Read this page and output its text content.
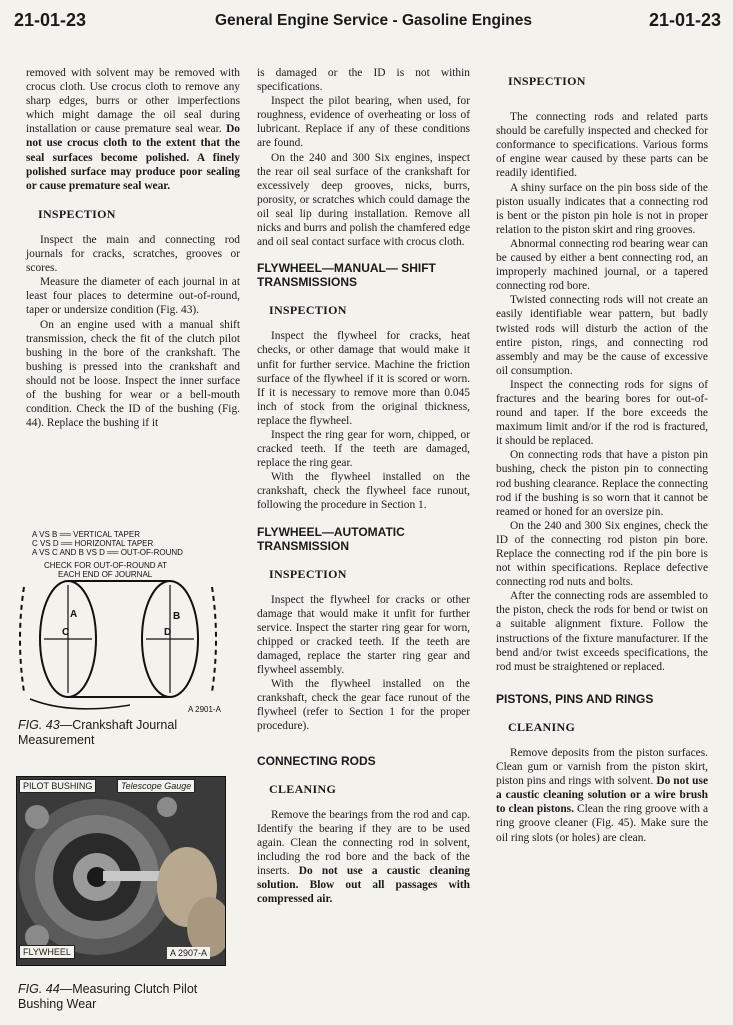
21-01-23	General Engine Service - Gasoline Engines	21-01-23

removed with solvent may be removed with crocus cloth. Use crocus cloth to remove any sharp edges, burrs or other imperfections which might damage the oil seal during installation or cause premature seal wear. Do not use crocus cloth to the extent that the seal surfaces become polished. A finely polished surface may produce poor sealing or cause premature seal wear.

INSPECTION

Inspect the main and connecting rod journals for cracks, scratches, grooves or scores.

Measure the diameter of each journal in at least four places to determine out-of-round, taper or undersize condition (Fig. 43).

On an engine used with a manual shift transmission, check the fit of the clutch pilot bushing in the bore of the crankshaft. The bushing is pressed into the crankshaft and should not be loose. Inspect the inner surface of the bushing for wear or a bell-mouth condition. Check the ID of the bushing (Fig. 44). Replace the bushing if it

A VS B ══ VERTICAL TAPER
C VS D ══ HORIZONTAL TAPER
A VS C AND B VS D ══ OUT-OF-ROUND
CHECK FOR OUT-OF-ROUND AT
EACH END OF JOURNAL
A	B
C	D
A 2901-A
FIG. 43—Crankshaft Journal
Measurement
PILOT BUSHING	Telescope Gauge
FLYWHEEL	A 2907-A
FIG. 44—Measuring Clutch Pilot
Bushing Wear

is damaged or the ID is not within specifications.

Inspect the pilot bearing, when used, for roughness, evidence of overheating or loss of lubricant. Replace if any of these conditions are found.

On the 240 and 300 Six engines, inspect the rear oil seal surface of the crankshaft for excessively deep grooves, nicks, burrs, porosity, or scratches which could damage the oil seal lip during installation. Remove all nicks and burrs and polish the chamfered edge and oil seal contact surface with crocus cloth.

FLYWHEEL—MANUAL— SHIFT TRANSMISSIONS
INSPECTION

Inspect the flywheel for cracks, heat checks, or other damage that would make it unfit for further service. Machine the friction surface of the flywheel if it is scored or worn. If it is necessary to remove more than 0.045 inch of stock from the original thickness, replace the flywheel.

Inspect the ring gear for worn, chipped, or cracked teeth. If the teeth are damaged, replace the ring gear.

With the flywheel installed on the crankshaft, check the flywheel face runout, following the procedure in Section 1.

FLYWHEEL—AUTOMATIC TRANSMISSION
INSPECTION

Inspect the flywheel for cracks or other damage that would make it unfit for further service. Inspect the starter ring gear for worn, chipped or cracked teeth. If the teeth are damaged, replace the starter ring gear and flywheel assembly.

With the flywheel installed on the crankshaft, check the gear face runout of the flywheel (refer to Section 1 for the proper procedure).

CONNECTING RODS
CLEANING

Remove the bearings from the rod and cap. Identify the bearing if they are to be used again. Clean the connecting rod in solvent, including the rod bore and the back of the inserts. Do not use a caustic cleaning solution. Blow out all passages with compressed air.

INSPECTION

The connecting rods and related parts should be carefully inspected and checked for conformance to specifications. Various forms of engine wear caused by these parts can be readily identified.

A shiny surface on the pin boss side of the piston usually indicates that a connecting rod is bent or the piston pin hole is not in proper relation to the piston skirt and ring grooves.

Abnormal connecting rod bearing wear can be caused by either a bent connecting rod, an improperly machined journal, or a tapered connecting rod bore.

Twisted connecting rods will not create an easily identifiable wear pattern, but badly twisted rods will disturb the action of the entire piston, rings, and connecting rod assembly and may be the cause of excessive oil consumption.

Inspect the connecting rods for signs of fractures and the bearing bores for out-of-round and taper. If the bore exceeds the maximum limit and/or if the rod is fractured, it should be replaced.

On connecting rods that have a piston pin bushing, check the piston pin to connecting rod bushing clearance. Replace the connecting rod if the bushing is so worn that it cannot be reamed or honed for an oversize pin.

On the 240 and 300 Six engines, check the ID of the connecting rod piston pin bore. Replace the connecting rod if the pin bore is not within specifications. Replace defective connecting rod nuts and bolts.

After the connecting rods are assembled to the piston, check the rods for bend or twist on a suitable alignment fixture. Follow the instructions of the fixture manufacturer. If the bend and/or twist exceeds specifications, the rod must be straightened or replaced.

PISTONS, PINS AND RINGS
CLEANING

Remove deposits from the piston surfaces. Clean gum or varnish from the piston skirt, piston pins and rings with solvent. Do not use a caustic cleaning solution or a wire brush to clean pistons. Clean the ring groove with a ring groove cleaner (Fig. 45). Make sure the oil ring slots (or holes) are clean.
